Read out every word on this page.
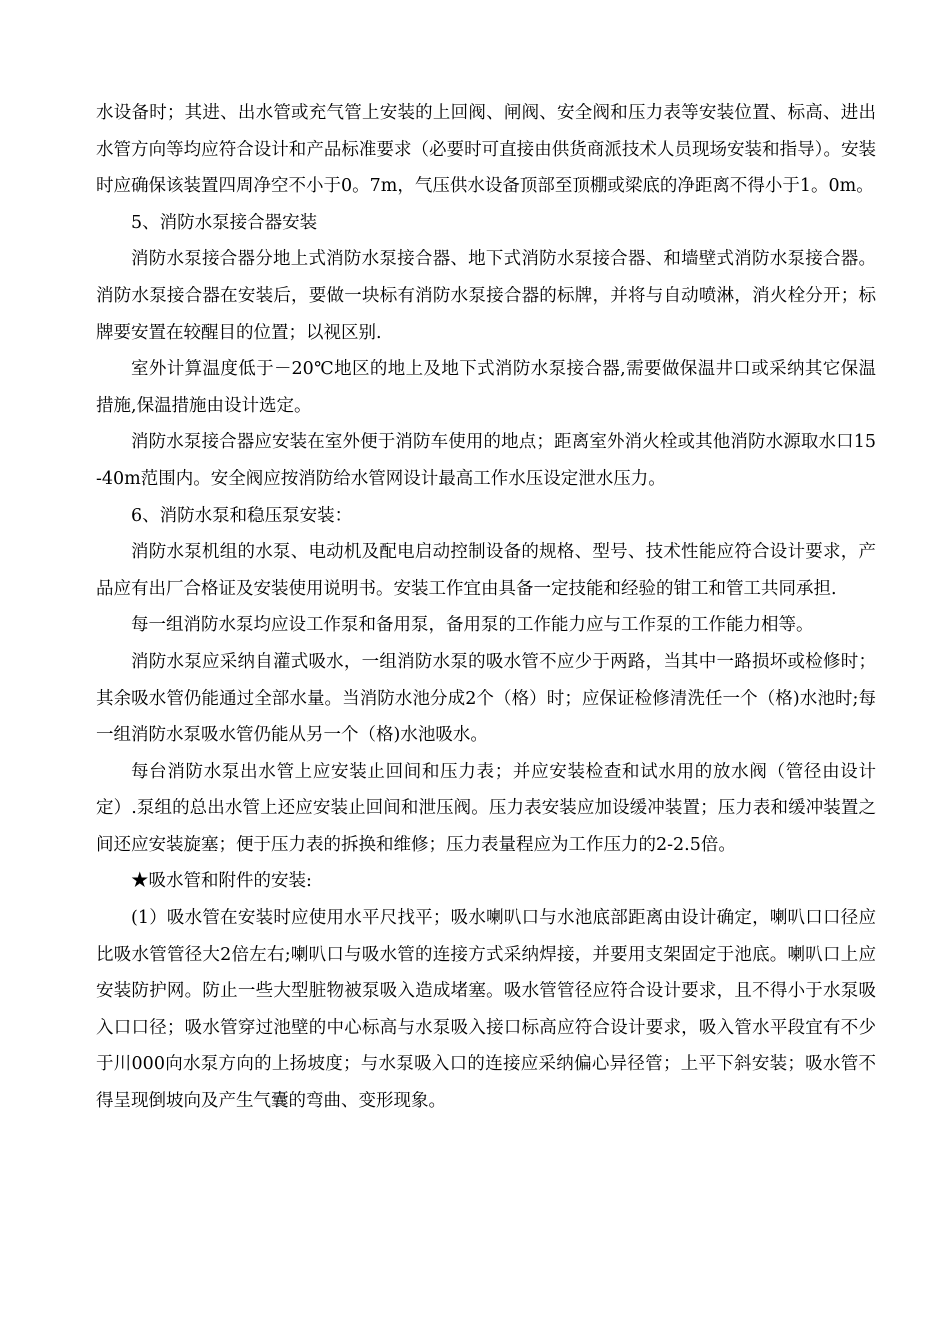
水设备时；其进、出水管或充气管上安装的上回阀、闸阀、安全阀和压力表等安装位置、标高、进出水管方向等均应符合设计和产品标准要求（必要时可直接由供货商派技术人员现场安装和指导）。安装时应确保该装置四周净空不小于0。7m，气压供水设备顶部至顶棚或梁底的净距离不得小于1。0m。

5、消防水泵接合器安装

消防水泵接合器分地上式消防水泵接合器、地下式消防水泵接合器、和墙壁式消防水泵接合器。消防水泵接合器在安装后，要做一块标有消防水泵接合器的标牌，并将与自动喷淋，消火栓分开；标牌要安置在较醒目的位置；以视区别.

室外计算温度低于－20℃地区的地上及地下式消防水泵接合器,需要做保温井口或采纳其它保温措施,保温措施由设计选定。

消防水泵接合器应安装在室外便于消防车使用的地点；距离室外消火栓或其他消防水源取水口15-40m范围内。安全阀应按消防给水管网设计最高工作水压设定泄水压力。

6、消防水泵和稳压泵安装：

消防水泵机组的水泵、电动机及配电启动控制设备的规格、型号、技术性能应符合设计要求，产品应有出厂合格证及安装使用说明书。安装工作宜由具备一定技能和经验的钳工和管工共同承担.

每一组消防水泵均应设工作泵和备用泵，备用泵的工作能力应与工作泵的工作能力相等。

消防水泵应采纳自灌式吸水，一组消防水泵的吸水管不应少于两路，当其中一路损坏或检修时；其余吸水管仍能通过全部水量。当消防水池分成2个（格）时；应保证检修清洗任一个（格)水池时;每一组消防水泵吸水管仍能从另一个（格)水池吸水。

每台消防水泵出水管上应安装止回间和压力表；并应安装检查和试水用的放水阀（管径由设计定）.泵组的总出水管上还应安装止回间和泄压阀。压力表安装应加设缓冲装置；压力表和缓冲装置之间还应安装旋塞；便于压力表的拆换和维修；压力表量程应为工作压力的2-2.5倍。

★吸水管和附件的安装:

(1）吸水管在安装时应使用水平尺找平；吸水喇叭口与水池底部距离由设计确定，喇叭口口径应比吸水管管径大2倍左右;喇叭口与吸水管的连接方式采纳焊接，并要用支架固定于池底。喇叭口上应安装防护网。防止一些大型脏物被泵吸入造成堵塞。吸水管管径应符合设计要求，且不得小于水泵吸入口口径；吸水管穿过池壁的中心标高与水泵吸入接口标高应符合设计要求，吸入管水平段宜有不少于川000向水泵方向的上扬坡度；与水泵吸入口的连接应采纳偏心异径管；上平下斜安装；吸水管不得呈现倒坡向及产生气囊的弯曲、变形现象。
